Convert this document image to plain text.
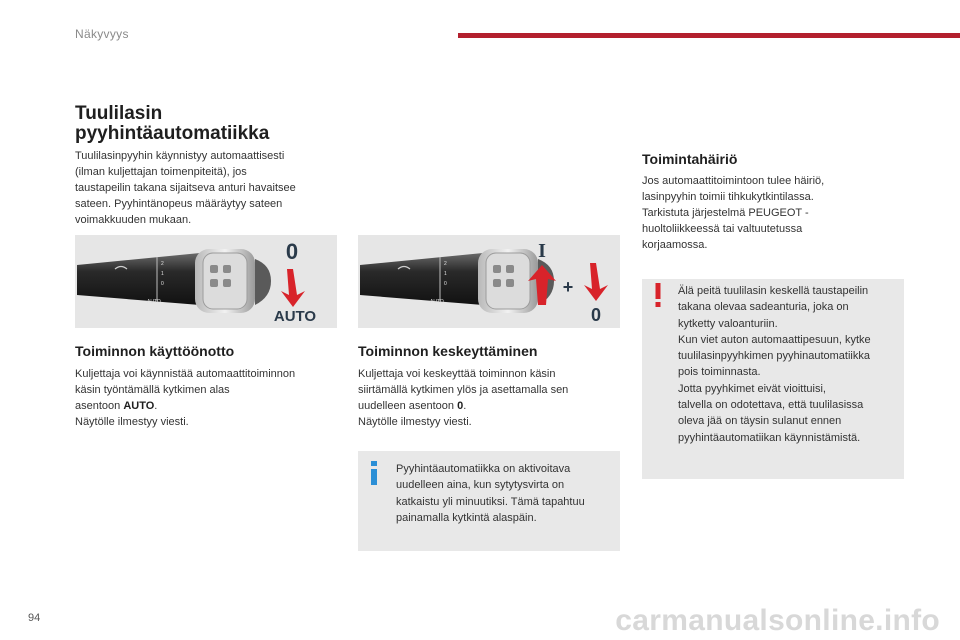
Näkyvyys
Tuulilasin
pyyhintäautomatiikka
Tuulilasinpyyhin käynnistyy automaattisesti
(ilman kuljettajan toimenpiteitä), jos
taustapeilin takana sijaitseva anturi havaitsee
sateen. Pyyhintänopeus määräytyy sateen
voimakkuuden mukaan.
2
1
0
AUTO
0
AUTO
2
1
0
AUTO
I
+
0
Toiminnon käyttöönotto
Kuljettaja voi käynnistää automaattitoiminnon
käsin työntämällä kytkimen alas
asentoon AUTO.
Näytölle ilmestyy viesti.
Toiminnon keskeyttäminen
Kuljettaja voi keskeyttää toiminnon käsin
siirtämällä kytkimen ylös ja asettamalla sen
uudelleen asentoon 0.
Näytölle ilmestyy viesti.
Pyyhintäautomatiikka on aktivoitava
uudelleen aina, kun sytytysvirta on
katkaistu yli minuutiksi. Tämä tapahtuu
painamalla kytkintä alaspäin.
Toimintahäiriö
Jos automaattitoimintoon tulee häiriö,
lasinpyyhin toimii tihkukytkintilassa.
Tarkistuta järjestelmä PEUGEOT -
huoltoliikkeessä tai valtuutetussa
korjaamossa.
Älä peitä tuulilasin keskellä taustapeilin
takana olevaa sadeanturia, joka on
kytketty valoanturiin.
Kun viet auton automaattipesuun, kytke
tuulilasinpyyhkimen pyyhinautomatiikka
pois toiminnasta.
Jotta pyyhkimet eivät vioittuisi,
talvella on odotettava, että tuulilasissa
oleva jää on täysin sulanut ennen
pyyhintäautomatiikan käynnistämistä.
94	carmanualsonline.info
